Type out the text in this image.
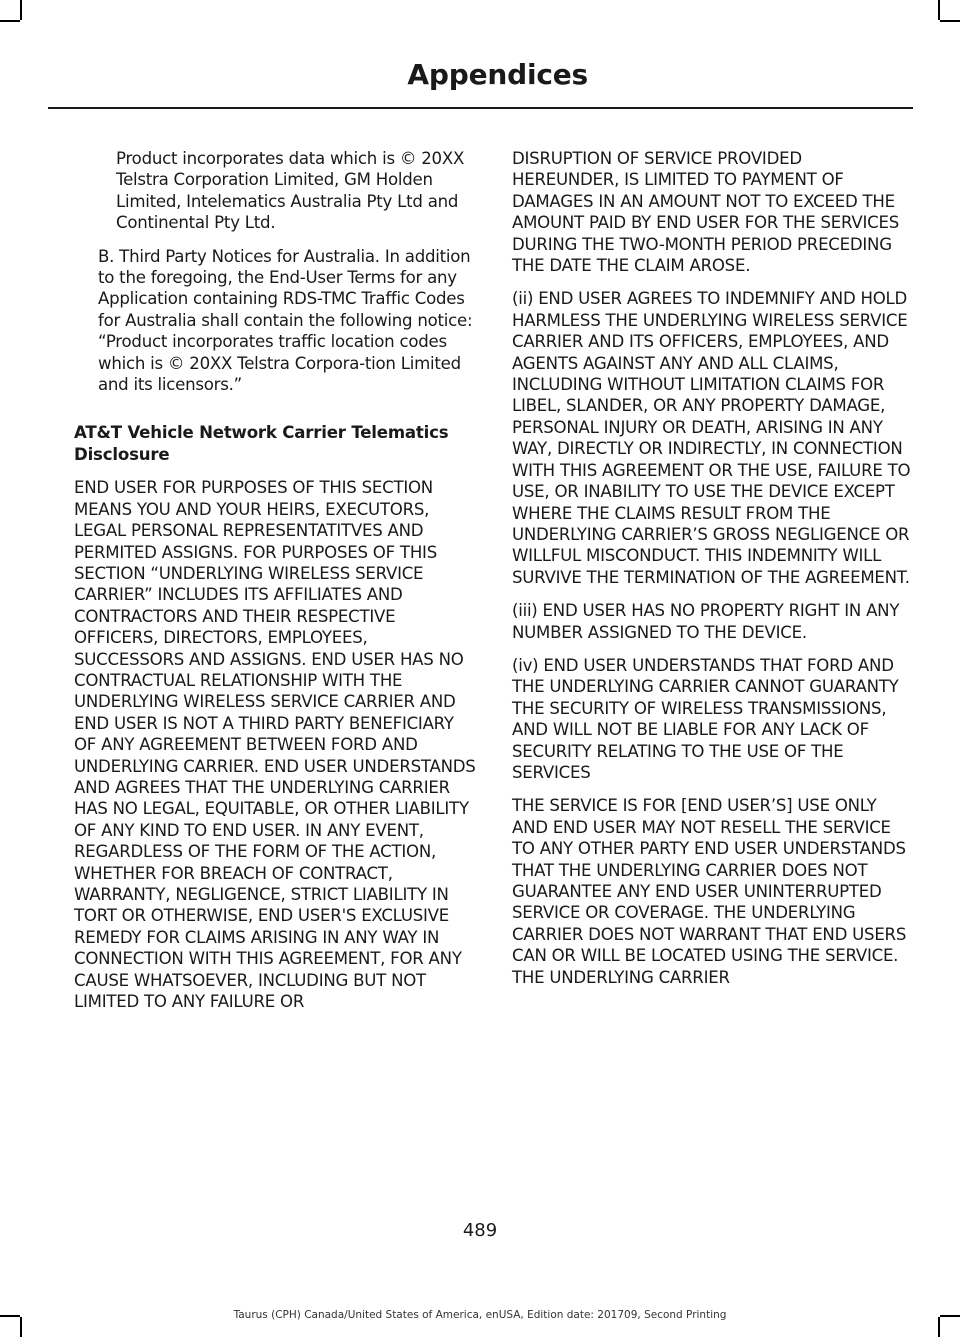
Appendices

Product incorporates data which is © 20XX Telstra Corporation Limited, GM Holden Limited, Intelematics Australia Pty Ltd and Continental Pty Ltd.

B. Third Party Notices for Australia. In addition to the foregoing, the End-User Terms for any Application containing RDS-TMC Traffic Codes for Australia shall contain the following notice: “Product incorporates traffic location codes which is © 20XX Telstra Corpora-tion Limited and its licensors.”

AT&T Vehicle Network Carrier Telematics Disclosure

END USER FOR PURPOSES OF THIS SECTION MEANS YOU AND YOUR HEIRS, EXECUTORS, LEGAL PERSONAL REPRESENTATITVES AND PERMITED ASSIGNS. FOR PURPOSES OF THIS SECTION “UNDERLYING WIRELESS SERVICE CARRIER” INCLUDES ITS AFFILIATES AND CONTRACTORS AND THEIR RESPECTIVE OFFICERS, DIRECTORS, EMPLOYEES, SUCCESSORS AND ASSIGNS. END USER HAS NO CONTRACTUAL RELATIONSHIP WITH THE UNDERLYING WIRELESS SERVICE CARRIER AND END USER IS NOT A THIRD PARTY BENEFICIARY OF ANY AGREEMENT BETWEEN FORD AND UNDERLYING CARRIER. END USER UNDERSTANDS AND AGREES THAT THE UNDERLYING CARRIER HAS NO LEGAL, EQUITABLE, OR OTHER LIABILITY OF ANY KIND TO END USER. IN ANY EVENT, REGARDLESS OF THE FORM OF THE ACTION, WHETHER FOR BREACH OF CONTRACT, WARRANTY, NEGLIGENCE, STRICT LIABILITY IN TORT OR OTHERWISE, END USER'S EXCLUSIVE REMEDY FOR CLAIMS ARISING IN ANY WAY IN CONNECTION WITH THIS AGREEMENT, FOR ANY CAUSE WHATSOEVER, INCLUDING BUT NOT LIMITED TO ANY FAILURE OR

DISRUPTION OF SERVICE PROVIDED HEREUNDER, IS LIMITED TO PAYMENT OF DAMAGES IN AN AMOUNT NOT TO EXCEED THE AMOUNT PAID BY END USER FOR THE SERVICES DURING THE TWO-MONTH PERIOD PRECEDING THE DATE THE CLAIM AROSE.

(ii) END USER AGREES TO INDEMNIFY AND HOLD HARMLESS THE UNDERLYING WIRELESS SERVICE CARRIER AND ITS OFFICERS, EMPLOYEES, AND AGENTS AGAINST ANY AND ALL CLAIMS, INCLUDING WITHOUT LIMITATION CLAIMS FOR LIBEL, SLANDER, OR ANY PROPERTY DAMAGE, PERSONAL INJURY OR DEATH, ARISING IN ANY WAY, DIRECTLY OR INDIRECTLY, IN CONNECTION WITH THIS AGREEMENT OR THE USE, FAILURE TO USE, OR INABILITY TO USE THE DEVICE EXCEPT WHERE THE CLAIMS RESULT FROM THE UNDERLYING CARRIER’S GROSS NEGLIGENCE OR WILLFUL MISCONDUCT. THIS INDEMNITY WILL SURVIVE THE TERMINATION OF THE AGREEMENT.

(iii) END USER HAS NO PROPERTY RIGHT IN ANY NUMBER ASSIGNED TO THE DEVICE.

(iv) END USER UNDERSTANDS THAT FORD AND THE UNDERLYING CARRIER CANNOT GUARANTY THE SECURITY OF WIRELESS TRANSMISSIONS, AND WILL NOT BE LIABLE FOR ANY LACK OF SECURITY RELATING TO THE USE OF THE SERVICES

THE SERVICE IS FOR [END USER’S] USE ONLY AND END USER MAY NOT RESELL THE SERVICE TO ANY OTHER PARTY END USER UNDERSTANDS THAT THE UNDERLYING CARRIER DOES NOT GUARANTEE ANY END USER UNINTERRUPTED SERVICE OR COVERAGE. THE UNDERLYING CARRIER DOES NOT WARRANT THAT END USERS CAN OR WILL BE LOCATED USING THE SERVICE. THE UNDERLYING CARRIER

489
Taurus (CPH) Canada/United States of America, enUSA, Edition date: 201709, Second Printing
